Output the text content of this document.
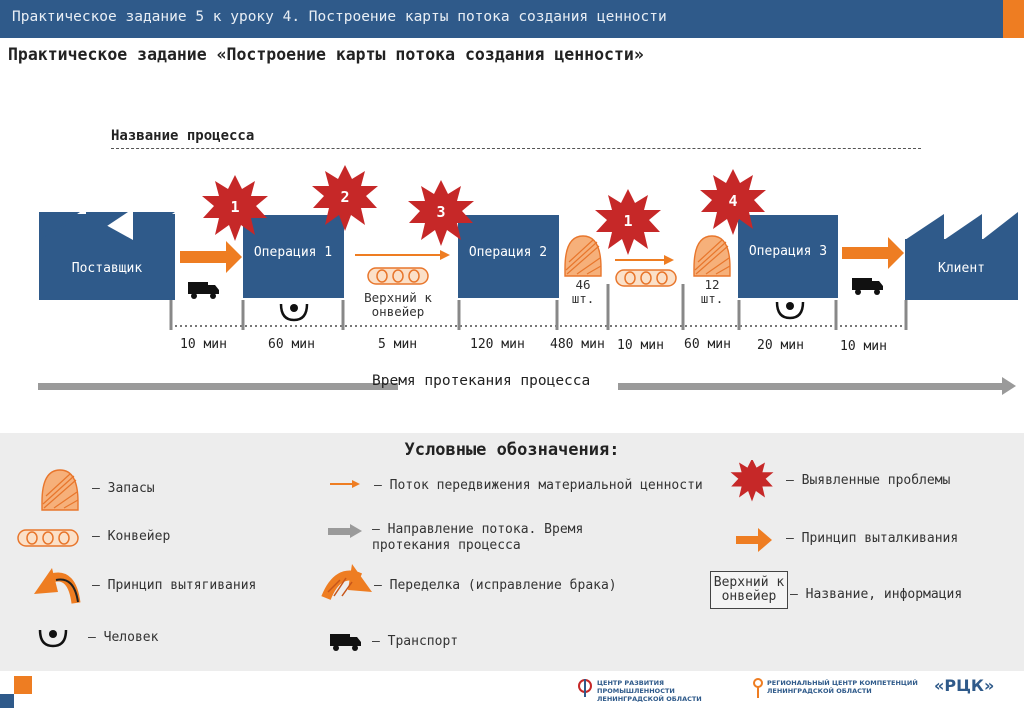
Практическое задание 5 к уроку 4. Построение карты потока создания ценности
Практическое задание «Построение карты потока создания ценности»
Название процесса
Поставщик	Клиент
Операция 1	Операция 2	Операция 3
1
2
3	1
4
46 шт.
12 шт.
Верхний конвейер
10 мин	60 мин	5 мин	120 мин 480 мин 10 мин 60 мин 20 мин	10 мин
Время протекания процесса
Условные обозначения:
– Запасы
– Конвейер
– Принцип вытягивания
– Человек
– Поток передвижения материальной ценности
– Направление потока. Время протекания процесса
– Переделка (исправление брака)
– Транспорт
– Выявленные проблемы
– Принцип выталкивания
Верхний конвейер	– Название, информация
ЦЕНТР РАЗВИТИЯ ПРОМЫШЛЕННОСТИ ЛЕНИНГРАДСКОЙ ОБЛАСТИ
РЕГИОНАЛЬНЫЙ ЦЕНТР КОМПЕТЕНЦИЙ ЛЕНИНГРАДСКОЙ ОБЛАСТИ	«РЦК»
